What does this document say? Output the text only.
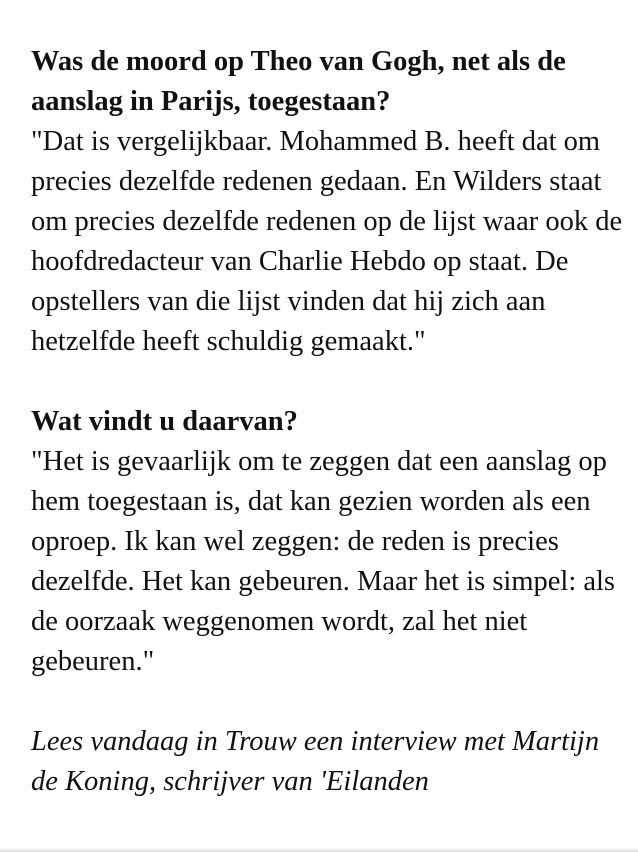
Was de moord op Theo van Gogh, net als de aanslag in Parijs, toegestaan?

"Dat is vergelijkbaar. Mohammed B. heeft dat om precies dezelfde redenen gedaan. En Wilders staat om precies dezelfde redenen op de lijst waar ook de hoofdredacteur van Charlie Hebdo op staat. De opstellers van die lijst vinden dat hij zich aan hetzelfde heeft schuldig gemaakt."

Wat vindt u daarvan?

"Het is gevaarlijk om te zeggen dat een aanslag op hem toegestaan is, dat kan gezien worden als een oproep. Ik kan wel zeggen: de reden is precies dezelfde. Het kan gebeuren. Maar het is simpel: als de oorzaak weggenomen wordt, zal het niet gebeuren."

Lees vandaag in Trouw een interview met Martijn de Koning, schrijver van 'Eilanden
